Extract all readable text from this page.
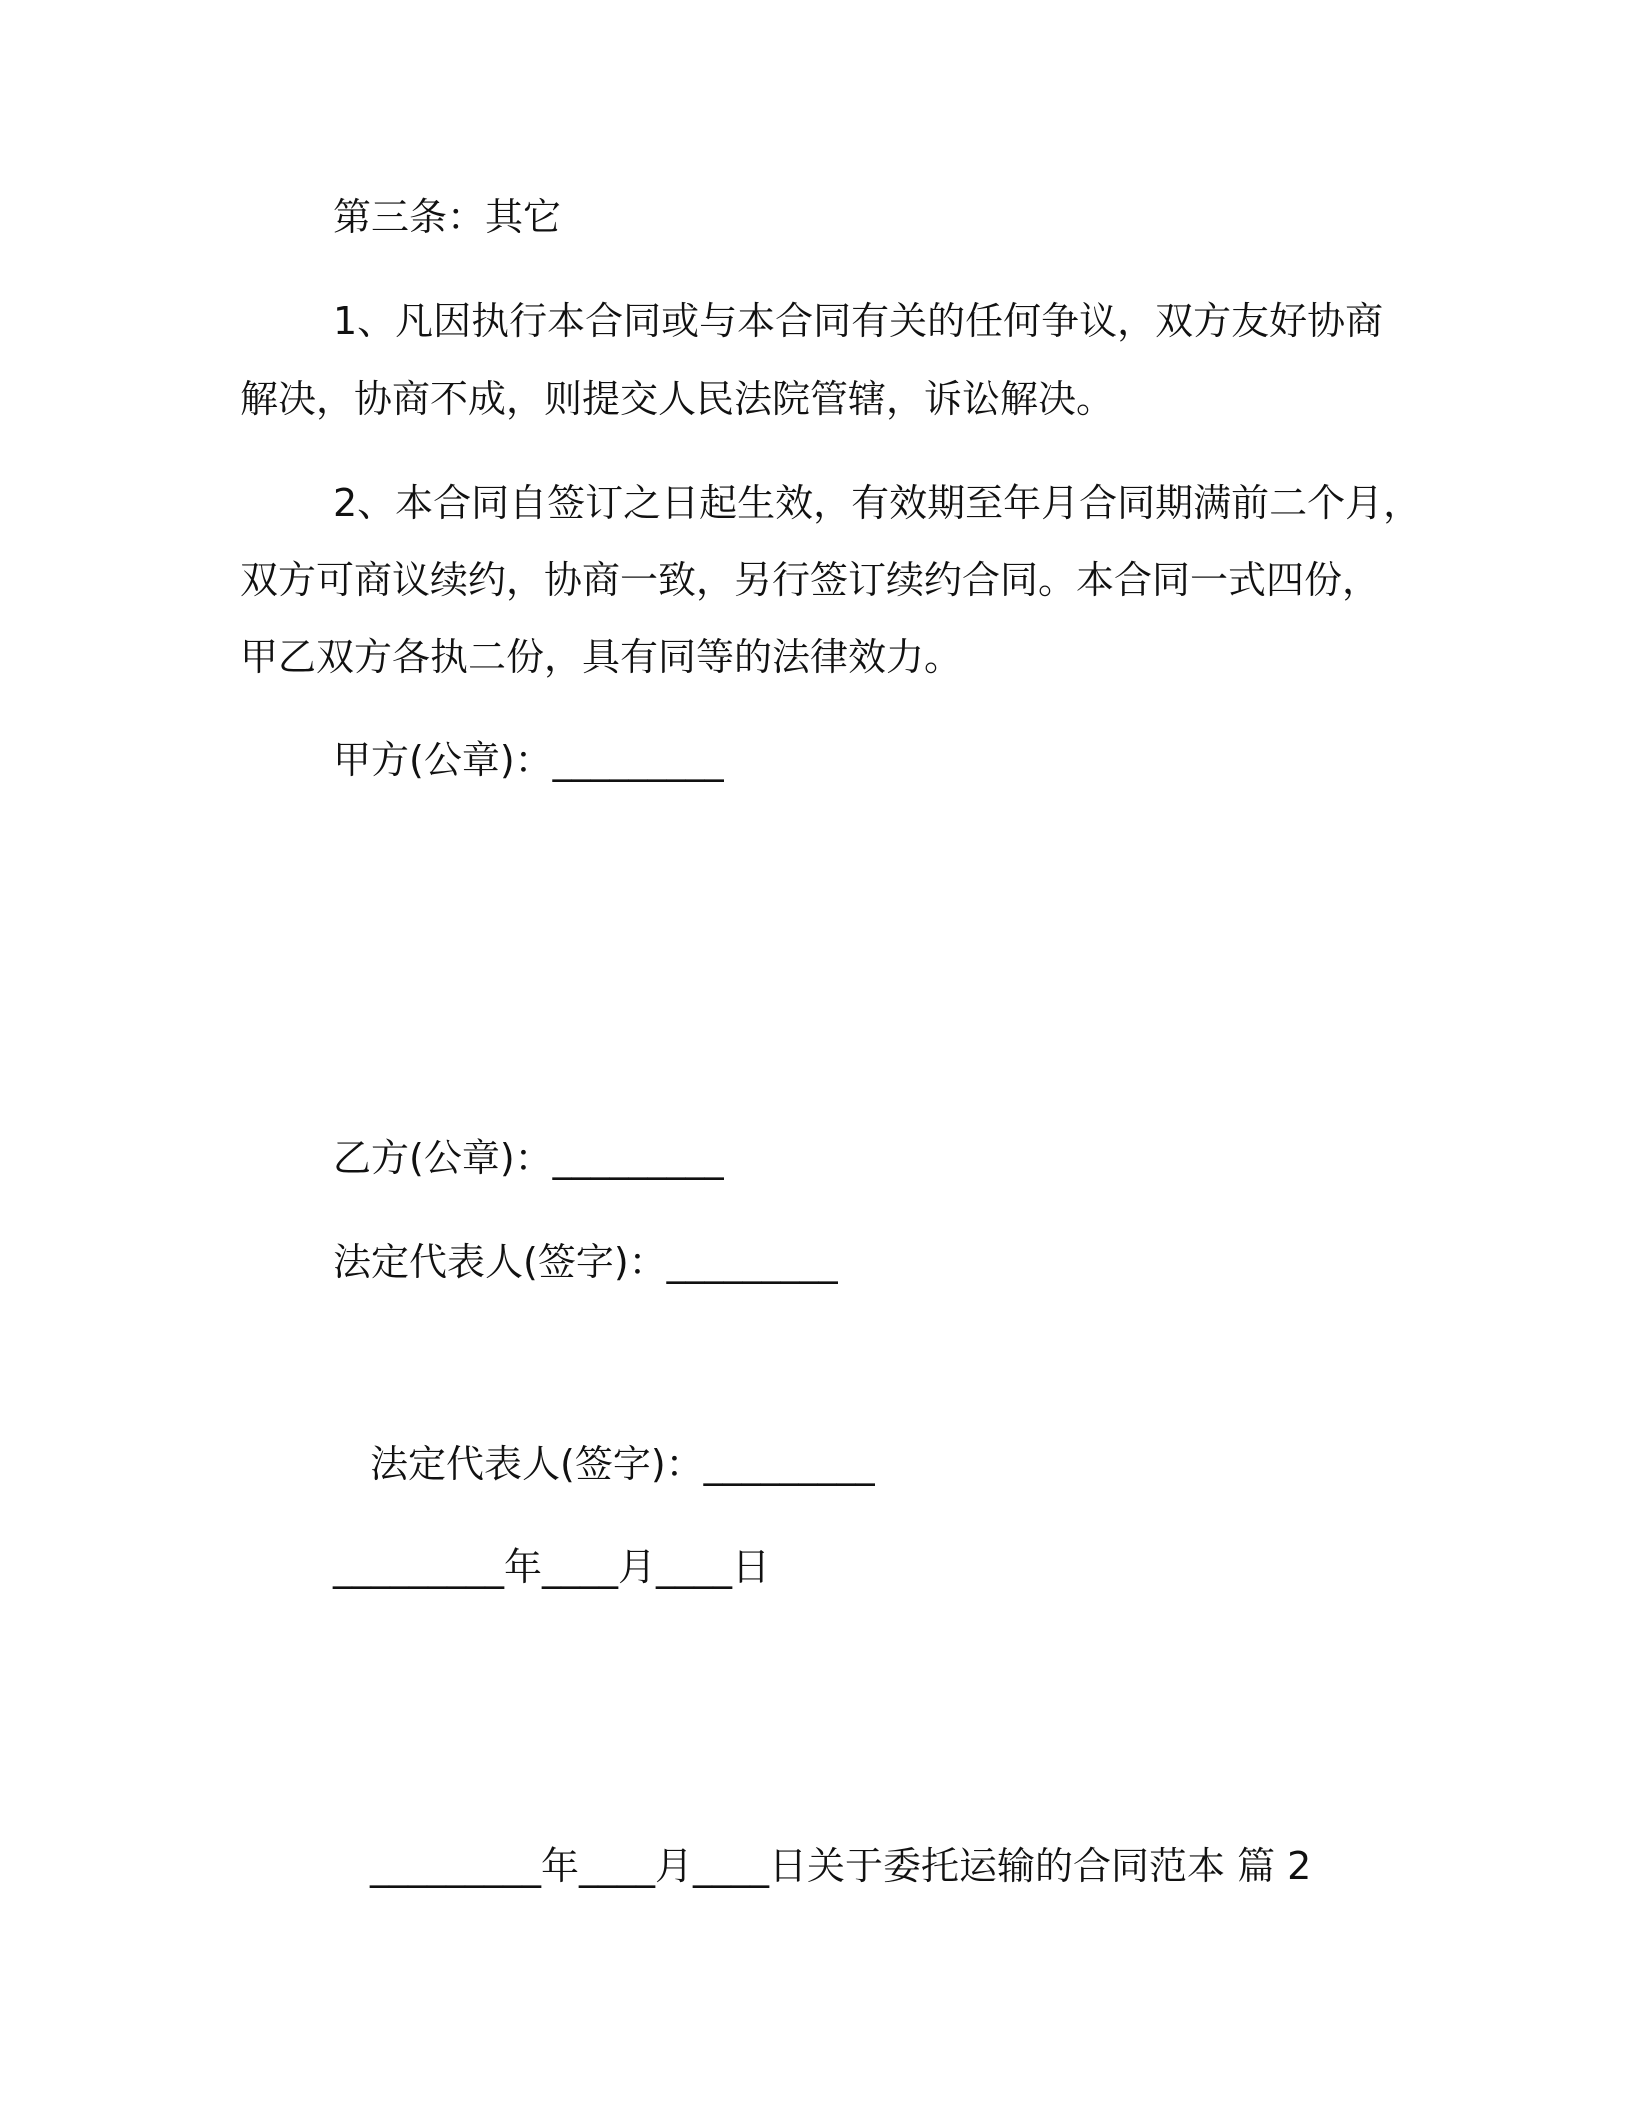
第三条：其它
1、凡因执行本合同或与本合同有关的任何争议，双方友好协商
解决，协商不成，则提交人民法院管辖，诉讼解决。
2、本合同自签订之日起生效，有效期至年月合同期满前二个月，
双方可商议续约，协商一致，另行签订续约合同。本合同一式四份，
甲乙双方各执二份，具有同等的法律效力。
甲方(公章)：_________
乙方(公章)：_________
法定代表人(签字)：_________
法定代表人(签字)：_________
_________年____月____日
_________年____月____日关于委托运输的合同范本 篇 2
